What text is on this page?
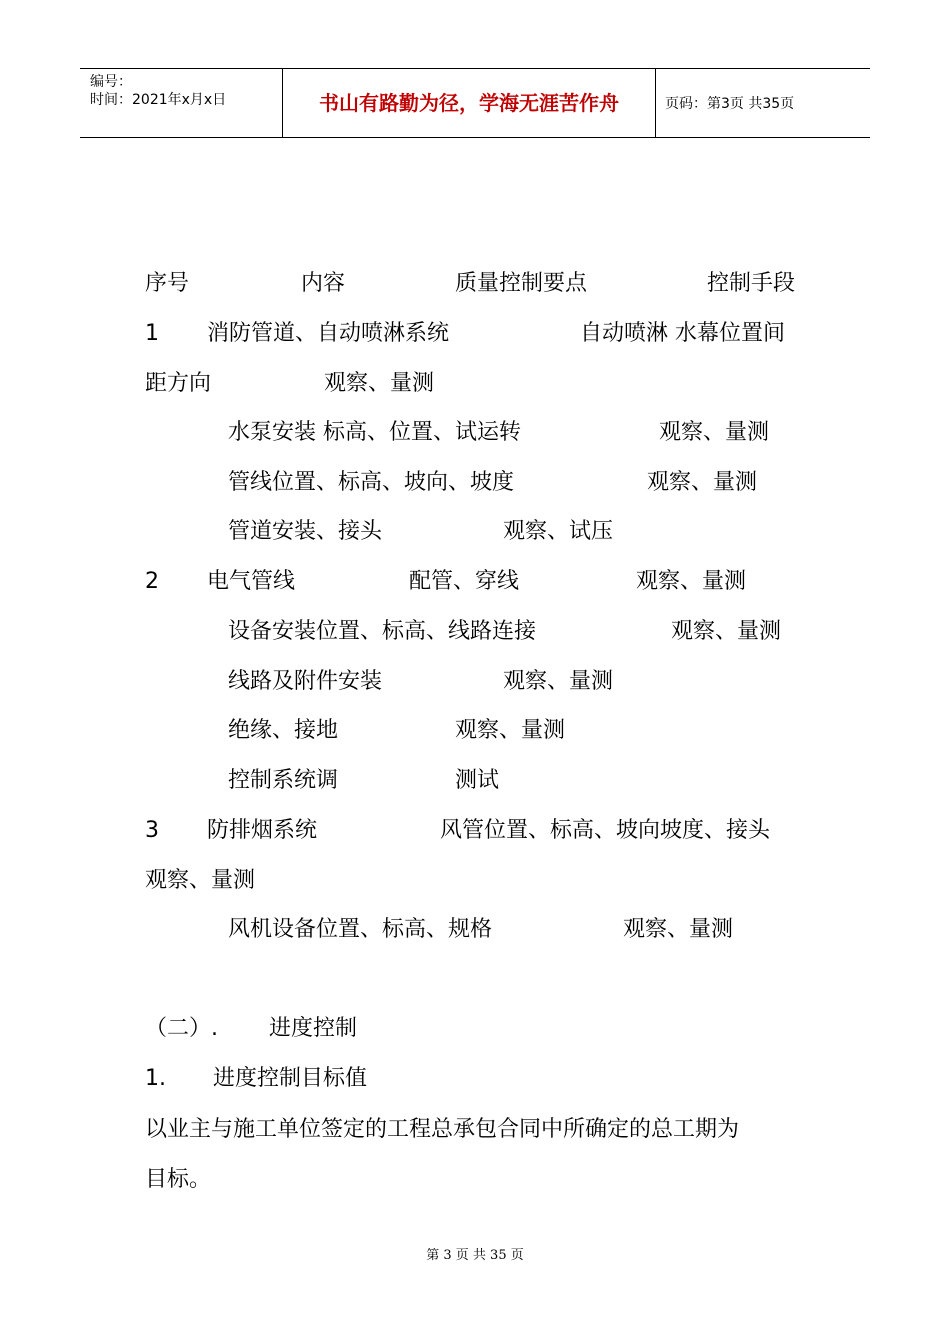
编号：
时间：2021年x月x日	书山有路勤为径，学海无涯苦作舟	页码：第3页 共35页
序号	内容	质量控制要点	控制手段
1 消防管道、自动喷淋系统	自动喷淋 水幕位置间
距方向	观察、量测
水泵安装 标高、位置、试运转	观察、量测
管线位置、标高、坡向、坡度	观察、量测
管道安装、接头	观察、试压
2 电气管线	配管、穿线	观察、量测
设备安装位置、标高、线路连接	观察、量测
线路及附件安装	观察、量测
绝缘、接地	观察、量测
控制系统调	测试
3 防排烟系统	风管位置、标高、坡向坡度、接头
观察、量测
风机设备位置、标高、规格	观察、量测
（二）. 进度控制
1. 进度控制目标值
以业主与施工单位签定的工程总承包合同中所确定的总工期为
目标。
第 3 页 共 35 页
